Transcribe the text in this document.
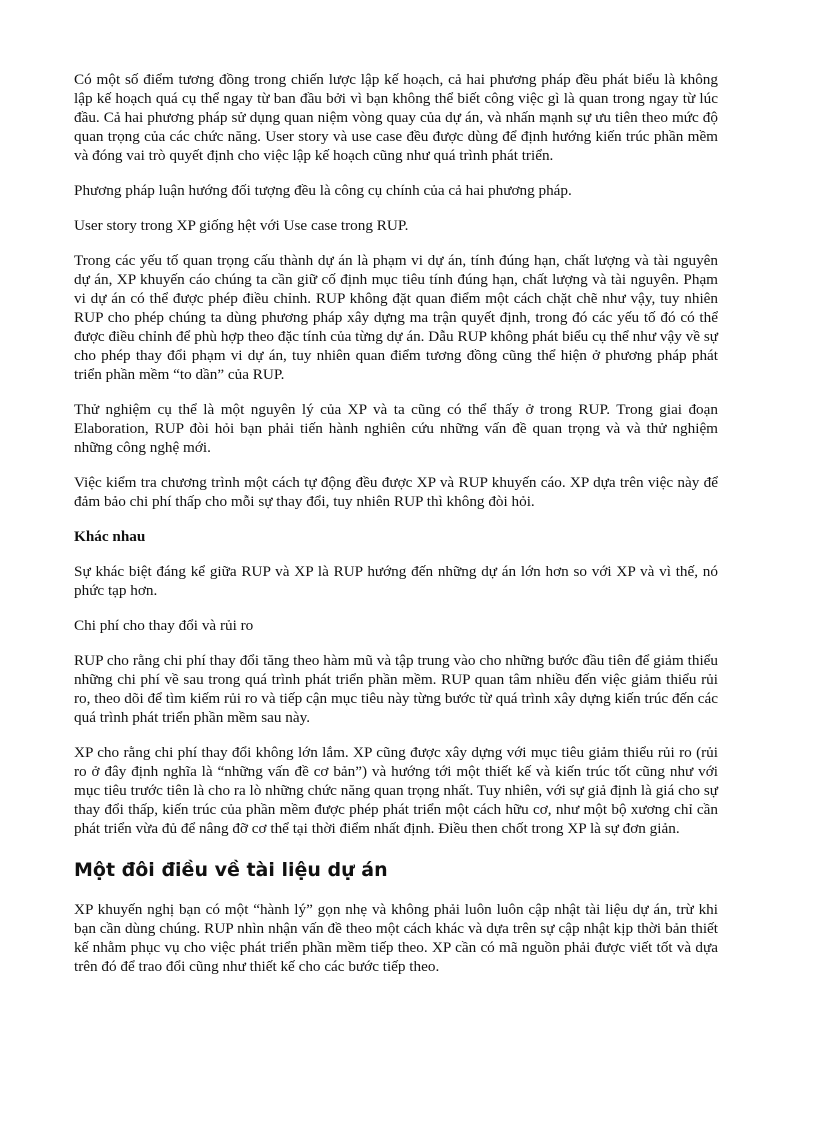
Có một số điểm tương đồng trong chiến lược lập kế hoạch, cả hai phương pháp đều phát biểu là không lập kế hoạch quá cụ thể ngay từ ban đầu bởi vì bạn không thể biết công việc gì là quan trong ngay từ lúc đầu. Cả hai phương pháp sử dụng quan niệm vòng quay của dự án, và nhấn mạnh sự ưu tiên theo mức độ quan trọng của các chức năng. User story và use case đều được dùng để định hướng kiến trúc phần mềm và đóng vai trò quyết định cho việc lập kế hoạch cũng như quá trình phát triển.

Phương pháp luận hướng đối tượng đều là công cụ chính của cả hai phương pháp.

User story trong XP giống hệt với Use case trong RUP.

Trong các yếu tố quan trọng cấu thành dự án là phạm vi dự án, tính đúng hạn, chất lượng và tài nguyên dự án, XP khuyến cáo chúng ta cần giữ cố định mục tiêu tính đúng hạn, chất lượng và tài nguyên. Phạm vi dự án có thể được phép điều chỉnh. RUP không đặt quan điểm một cách chặt chẽ như vậy, tuy nhiên RUP cho phép chúng ta dùng phương pháp xây dựng ma trận quyết định, trong đó các yếu tố đó có thể được điều chỉnh để phù hợp theo đặc tính của từng dự án. Dẫu RUP không phát biểu cụ thể như vậy về sự cho phép thay đổi phạm vi dự án, tuy nhiên quan điểm tương đồng cũng thể hiện ở phương pháp phát triển phần mềm “to dần” của RUP.

Thử nghiệm cụ thể là một nguyên lý của XP và ta cũng có thể thấy ở trong RUP. Trong giai đoạn Elaboration, RUP đòi hỏi bạn phải tiến hành nghiên cứu những vấn đề quan trọng và và thử nghiệm những công nghệ mới.

Việc kiểm tra chương trình một cách tự động đều được XP và RUP khuyến cáo. XP dựa trên việc này để đảm bảo chi phí thấp cho mỗi sự thay đổi, tuy nhiên RUP thì không đòi hỏi.

Khác nhau

Sự khác biệt đáng kể giữa RUP và XP là RUP hướng đến những dự án lớn hơn so với XP và vì thế, nó phức tạp hơn.

Chi phí cho thay đổi và rủi ro

RUP cho rằng chi phí thay đổi tăng theo hàm mũ và tập trung vào cho những bước đầu tiên để giảm thiểu những chi phí về sau trong quá trình phát triển phần mềm. RUP quan tâm nhiều đến việc giảm thiểu rủi ro, theo dõi để tìm kiếm rủi ro và tiếp cận mục tiêu này từng bước từ quá trình xây dựng kiến trúc đến các quá trình phát triển phần mềm sau này.

XP cho rằng chi phí thay đổi không lớn lắm. XP cũng được xây dựng với mục tiêu giảm thiểu rủi ro (rủi ro ở đây định nghĩa là “những vấn đề cơ bản”) và hướng tới một thiết kế và kiến trúc tốt cũng như với mục tiêu trước tiên là cho ra lò những chức năng quan trọng nhất. Tuy nhiên, với sự giả định là giá cho sự thay đổi thấp, kiến trúc của phần mềm được phép phát triển một cách hữu cơ, như một bộ xương chỉ cần phát triển vừa đủ để nâng đỡ cơ thể tại thời điểm nhất định. Điều then chốt trong XP là sự đơn giản.

Một đôi điều về tài liệu dự án

XP khuyến nghị bạn có một “hành lý” gọn nhẹ và không phải luôn luôn cập nhật tài liệu dự án, trừ khi bạn cần dùng chúng. RUP nhìn nhận vấn đề theo một cách khác và dựa trên sự cập nhật kịp thời bản thiết kế nhằm phục vụ cho việc phát triển phần mềm tiếp theo. XP cần có mã nguồn phải được viết tốt và dựa trên đó để trao đổi cũng như thiết kế cho các bước tiếp theo.
